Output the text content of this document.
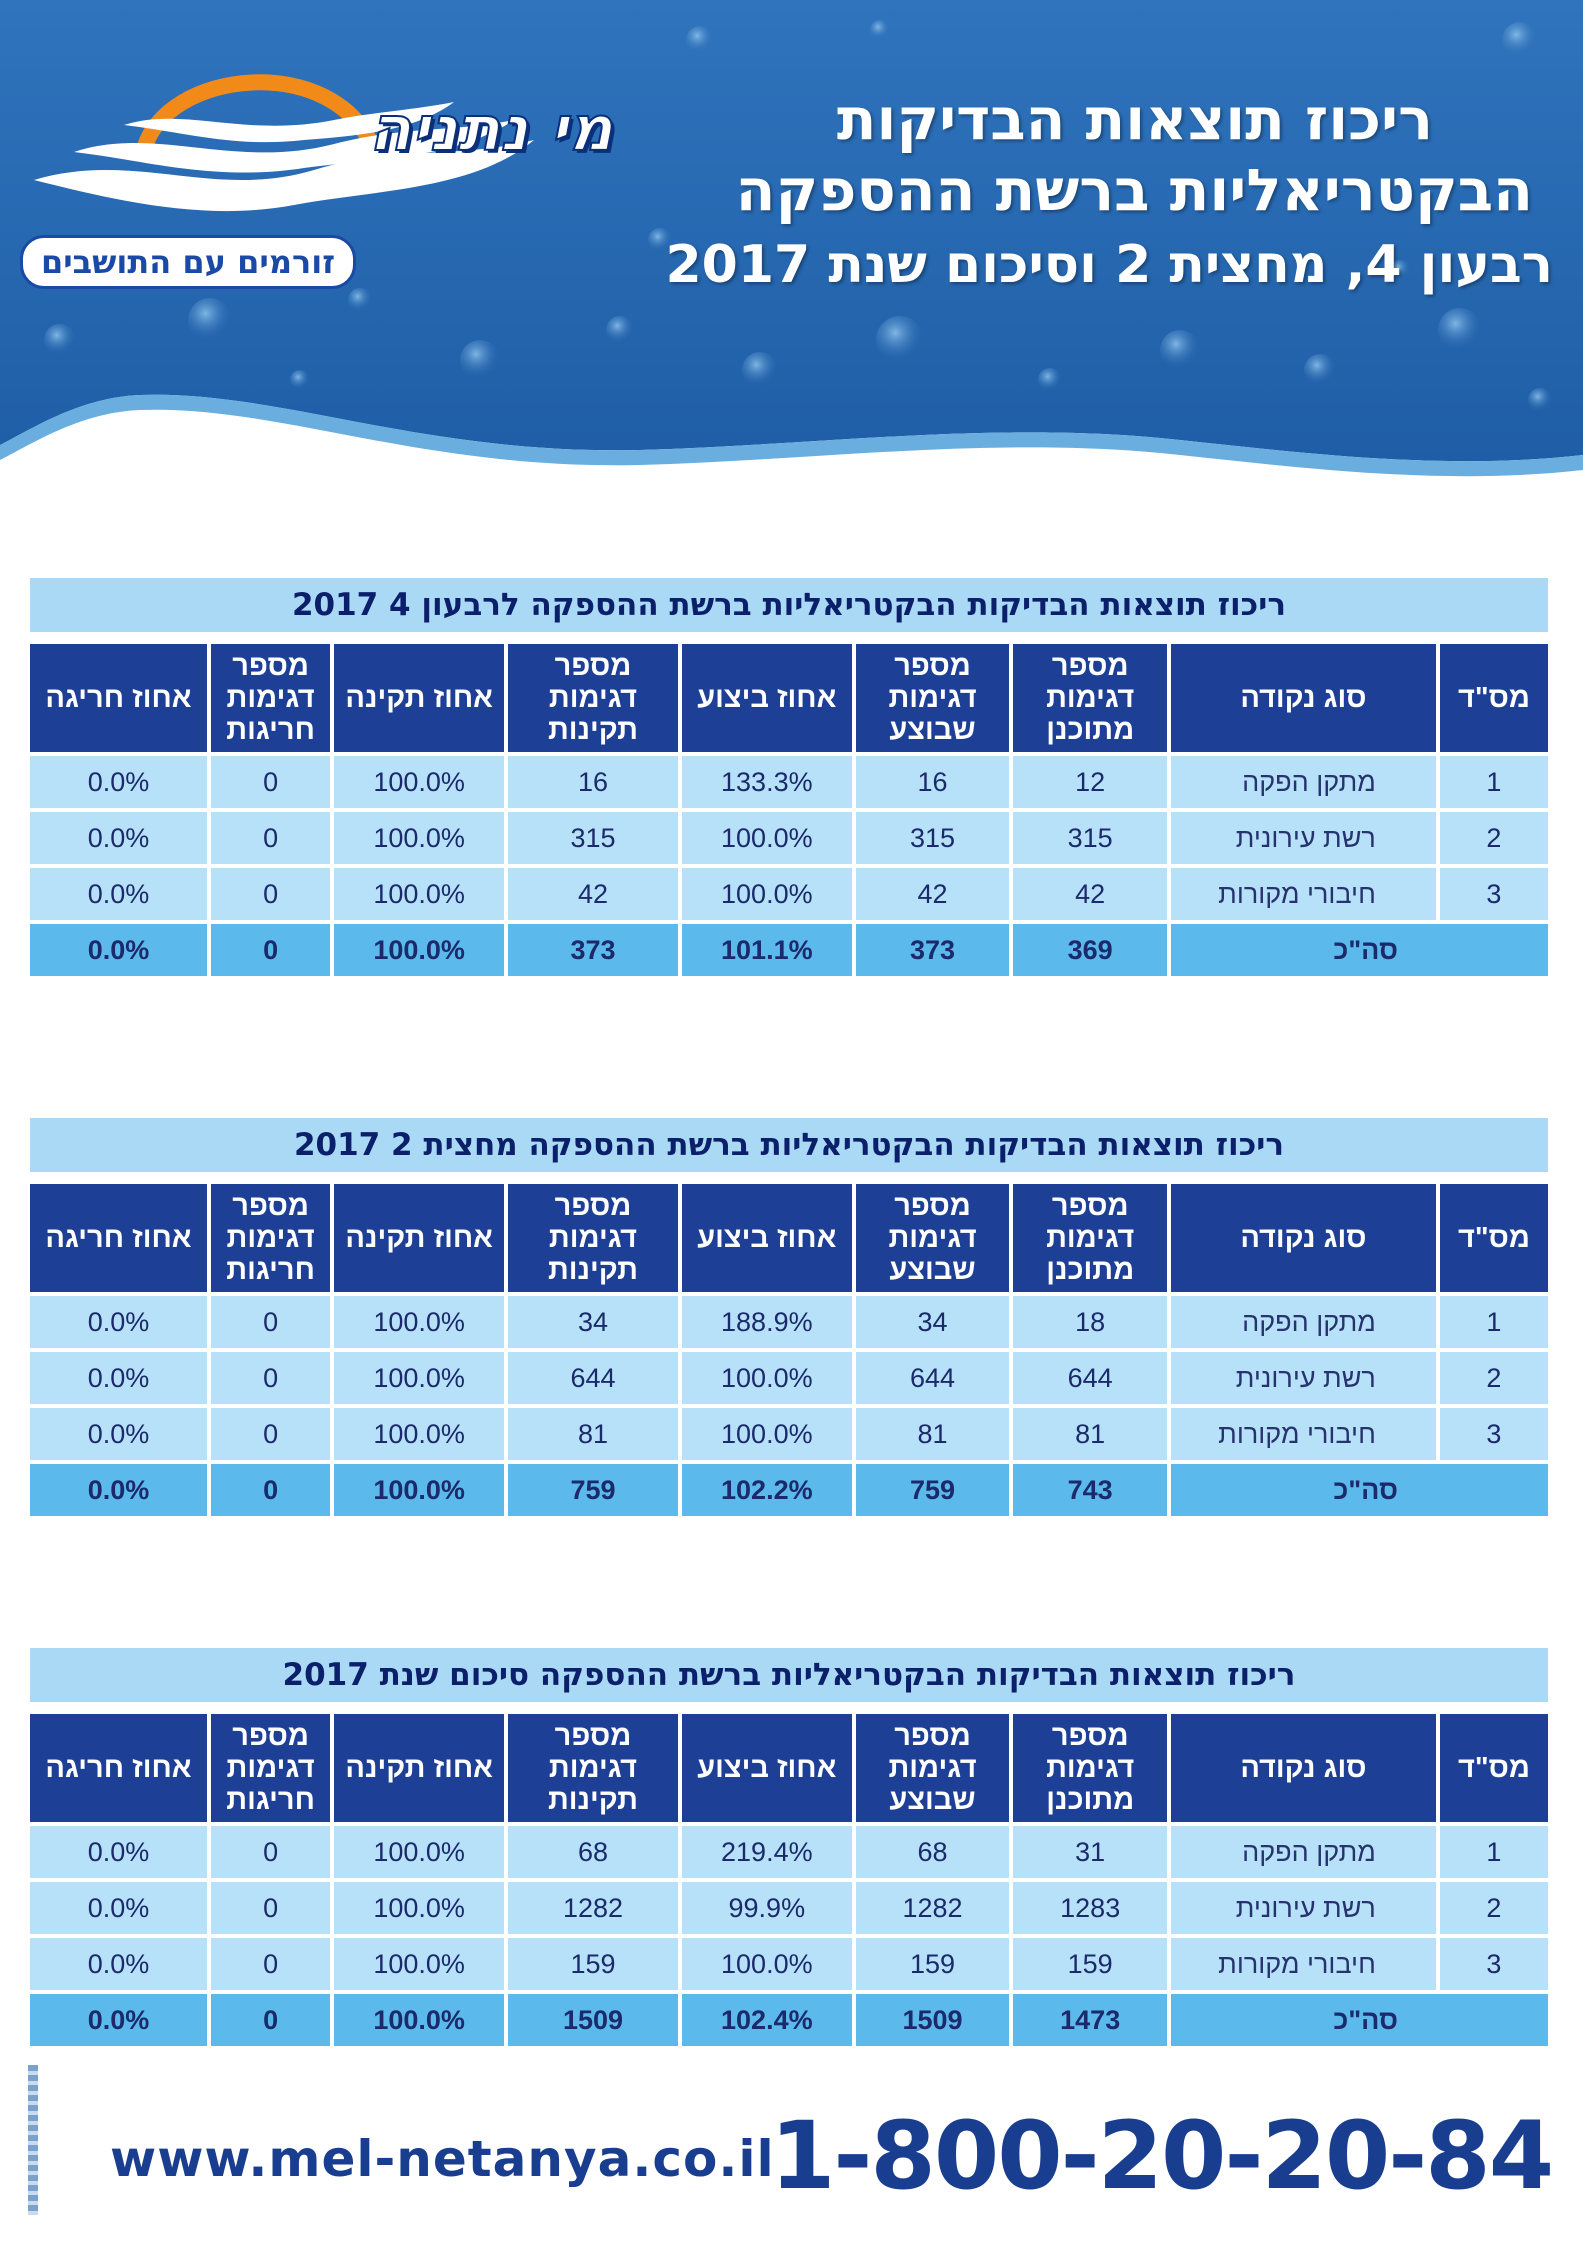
מי נתניה
זורמים עם התושבים
ריכוז תוצאות הבדיקות
הבקטריאליות ברשת ההספקה
רבעון 4, מחצית 2 וסיכום שנת 2017
ריכוז תוצאות הבדיקות הבקטריאליות ברשת ההספקה לרבעון 4 2017
מס"ד	סוג נקודה	מספר דגימות מתוכנן	מספר דגימות שבוצע	אחוז ביצוע	מספר דגימות תקינות	אחוז תקינה	מספר דגימות חריגות	אחוז חריגה
1	מתקן הפקה	12	16	133.3%	16	100.0%	0	0.0%
2	רשת עירונית	315	315	100.0%	315	100.0%	0	0.0%
3	חיבורי מקורות	42	42	100.0%	42	100.0%	0	0.0%
סה"כ		369	373	101.1%	373	100.0%	0	0.0%
ריכוז תוצאות הבדיקות הבקטריאליות ברשת ההספקה מחצית 2 2017
מס"ד	סוג נקודה	מספר דגימות מתוכנן	מספר דגימות שבוצע	אחוז ביצוע	מספר דגימות תקינות	אחוז תקינה	מספר דגימות חריגות	אחוז חריגה
1	מתקן הפקה	18	34	188.9%	34	100.0%	0	0.0%
2	רשת עירונית	644	644	100.0%	644	100.0%	0	0.0%
3	חיבורי מקורות	81	81	100.0%	81	100.0%	0	0.0%
סה"כ		743	759	102.2%	759	100.0%	0	0.0%
ריכוז תוצאות הבדיקות הבקטריאליות ברשת ההספקה סיכום שנת 2017
מס"ד	סוג נקודה	מספר דגימות מתוכנן	מספר דגימות שבוצע	אחוז ביצוע	מספר דגימות תקינות	אחוז תקינה	מספר דגימות חריגות	אחוז חריגה
1	מתקן הפקה	31	68	219.4%	68	100.0%	0	0.0%
2	רשת עירונית	1283	1282	99.9%	1282	100.0%	0	0.0%
3	חיבורי מקורות	159	159	100.0%	159	100.0%	0	0.0%
סה"כ		1473	1509	102.4%	1509	100.0%	0	0.0%
www.mel-netanya.co.il
1-800-20-20-84
